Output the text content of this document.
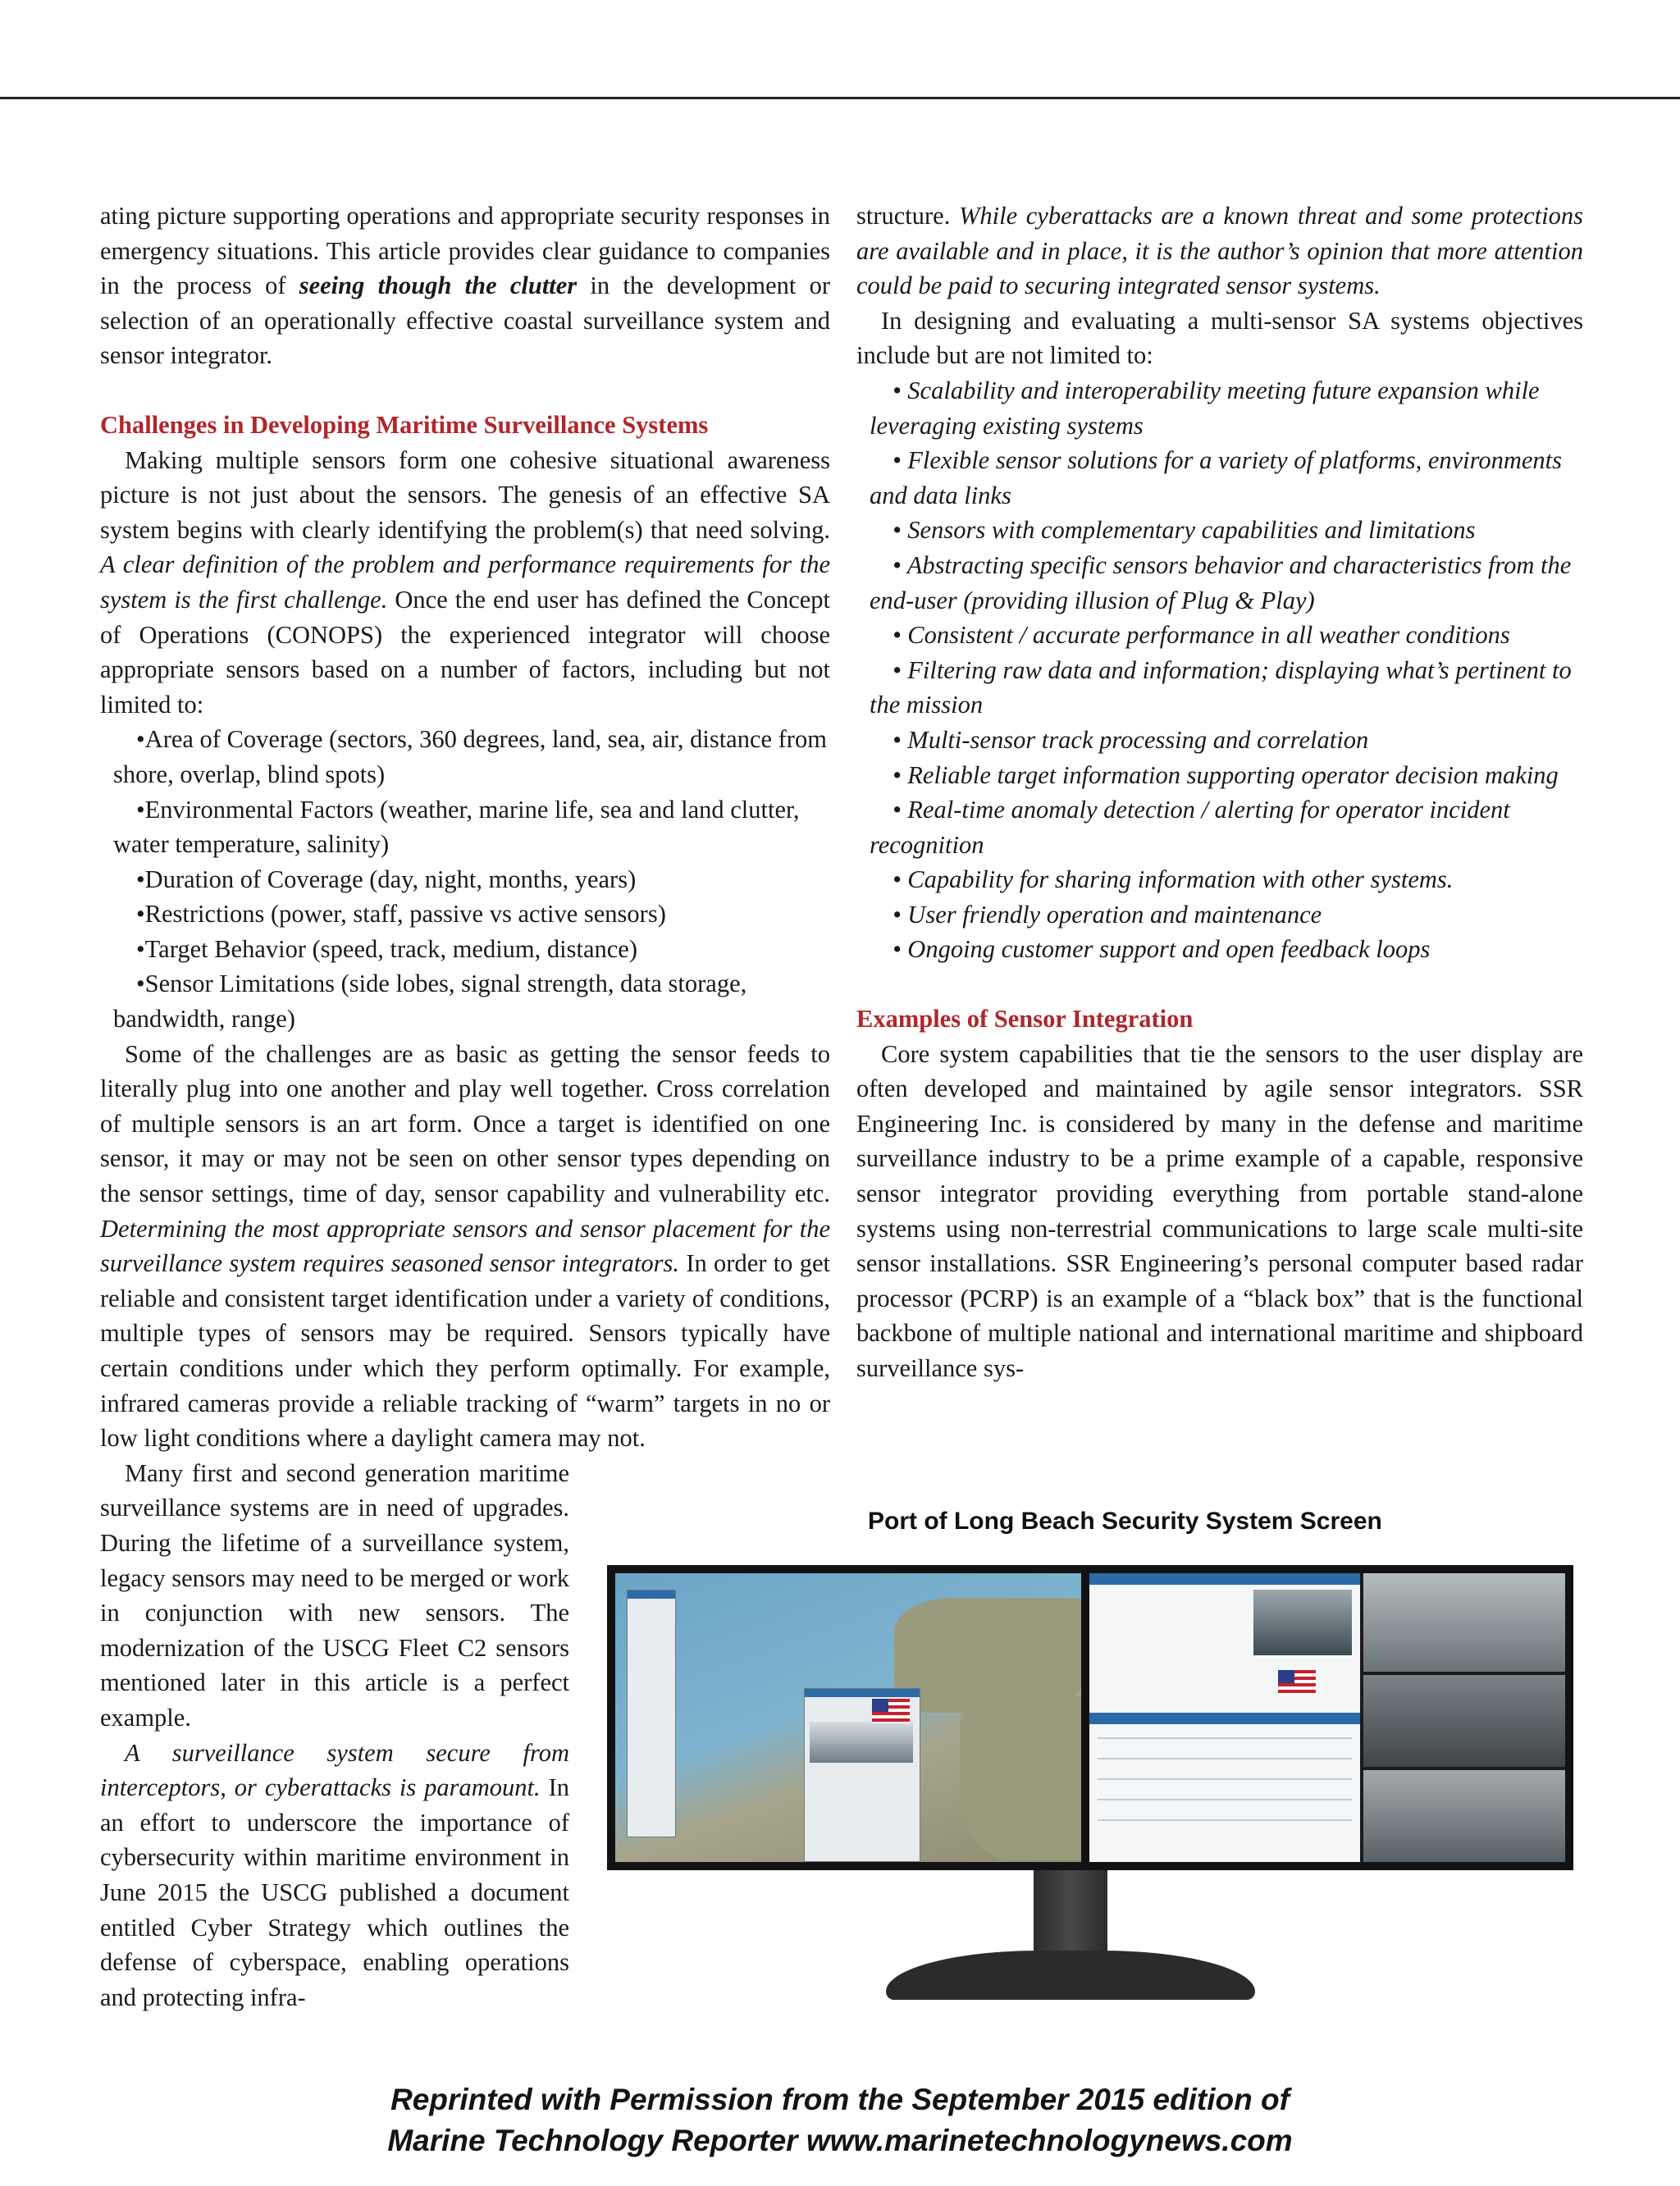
ating picture supporting operations and appropriate security responses in emergency situations. This article provides clear guidance to companies in the process of seeing though the clutter in the development or selection of an operationally effective coastal surveillance system and sensor integrator.

Challenges in Developing Maritime Surveillance Systems

Making multiple sensors form one cohesive situational awareness picture is not just about the sensors. The genesis of an effective SA system begins with clearly identifying the problem(s) that need solving. A clear definition of the problem and performance requirements for the system is the first challenge. Once the end user has defined the Concept of Operations (CONOPS) the experienced integrator will choose appropriate sensors based on a number of factors, including but not limited to:

•Area of Coverage (sectors, 360 degrees, land, sea, air, distance from shore, overlap, blind spots)

•Environmental Factors (weather, marine life, sea and land clutter, water temperature, salinity)

•Duration of Coverage (day, night, months, years)

•Restrictions (power, staff, passive vs active sensors)

•Target Behavior (speed, track, medium, distance)

•Sensor Limitations (side lobes, signal strength, data storage, bandwidth, range)

Some of the challenges are as basic as getting the sensor feeds to literally plug into one another and play well together. Cross correlation of multiple sensors is an art form. Once a target is identified on one sensor, it may or may not be seen on other sensor types depending on the sensor settings, time of day, sensor capability and vulnerability etc. Determining the most appropriate sensors and sensor placement for the surveillance system requires seasoned sensor integrators. In order to get reliable and consistent target identification under a variety of conditions, multiple types of sensors may be required. Sensors typically have certain conditions under which they perform optimally. For example, infrared cameras provide a reliable tracking of “warm” targets in no or low light conditions where a daylight camera may not.

Many first and second generation maritime surveillance systems are in need of upgrades. During the lifetime of a surveillance system, legacy sensors may need to be merged or work in conjunction with new sensors. The modernization of the USCG Fleet C2 sensors mentioned later in this article is a perfect example.

A surveillance system secure from interceptors, or cyberattacks is paramount. In an effort to underscore the importance of cybersecurity within maritime environment in June 2015 the USCG published a document entitled Cyber Strategy which outlines the defense of cyberspace, enabling operations and protecting infra-

structure. While cyberattacks are a known threat and some protections are available and in place, it is the author’s opinion that more attention could be paid to securing integrated sensor systems.

In designing and evaluating a multi-sensor SA systems objectives include but are not limited to:

• Scalability and interoperability meeting future expansion while leveraging existing systems

• Flexible sensor solutions for a variety of platforms, environments and data links

• Sensors with complementary capabilities and limitations

• Abstracting specific sensors behavior and characteristics from the end-user (providing illusion of Plug & Play)

• Consistent / accurate performance in all weather conditions

• Filtering raw data and information; displaying what’s pertinent to the mission

• Multi-sensor track processing and correlation

• Reliable target information supporting operator decision making

• Real-time anomaly detection / alerting for operator incident recognition

• Capability for sharing information with other systems.

• User friendly operation and maintenance

• Ongoing customer support and open feedback loops

Examples of Sensor Integration

Core system capabilities that tie the sensors to the user display are often developed and maintained by agile sensor integrators. SSR Engineering Inc. is considered by many in the defense and maritime surveillance industry to be a prime example of a capable, responsive sensor integrator providing everything from portable stand-alone systems using non-terrestrial communications to large scale multi-site sensor installations. SSR Engineering’s personal computer based radar processor (PCRP) is an example of a “black box” that is the functional backbone of multiple national and international maritime and shipboard surveillance sys-

Port of Long Beach Security System Screen
Reprinted with Permission from the September 2015 edition of
Marine Technology Reporter www.marinetechnologynews.com
